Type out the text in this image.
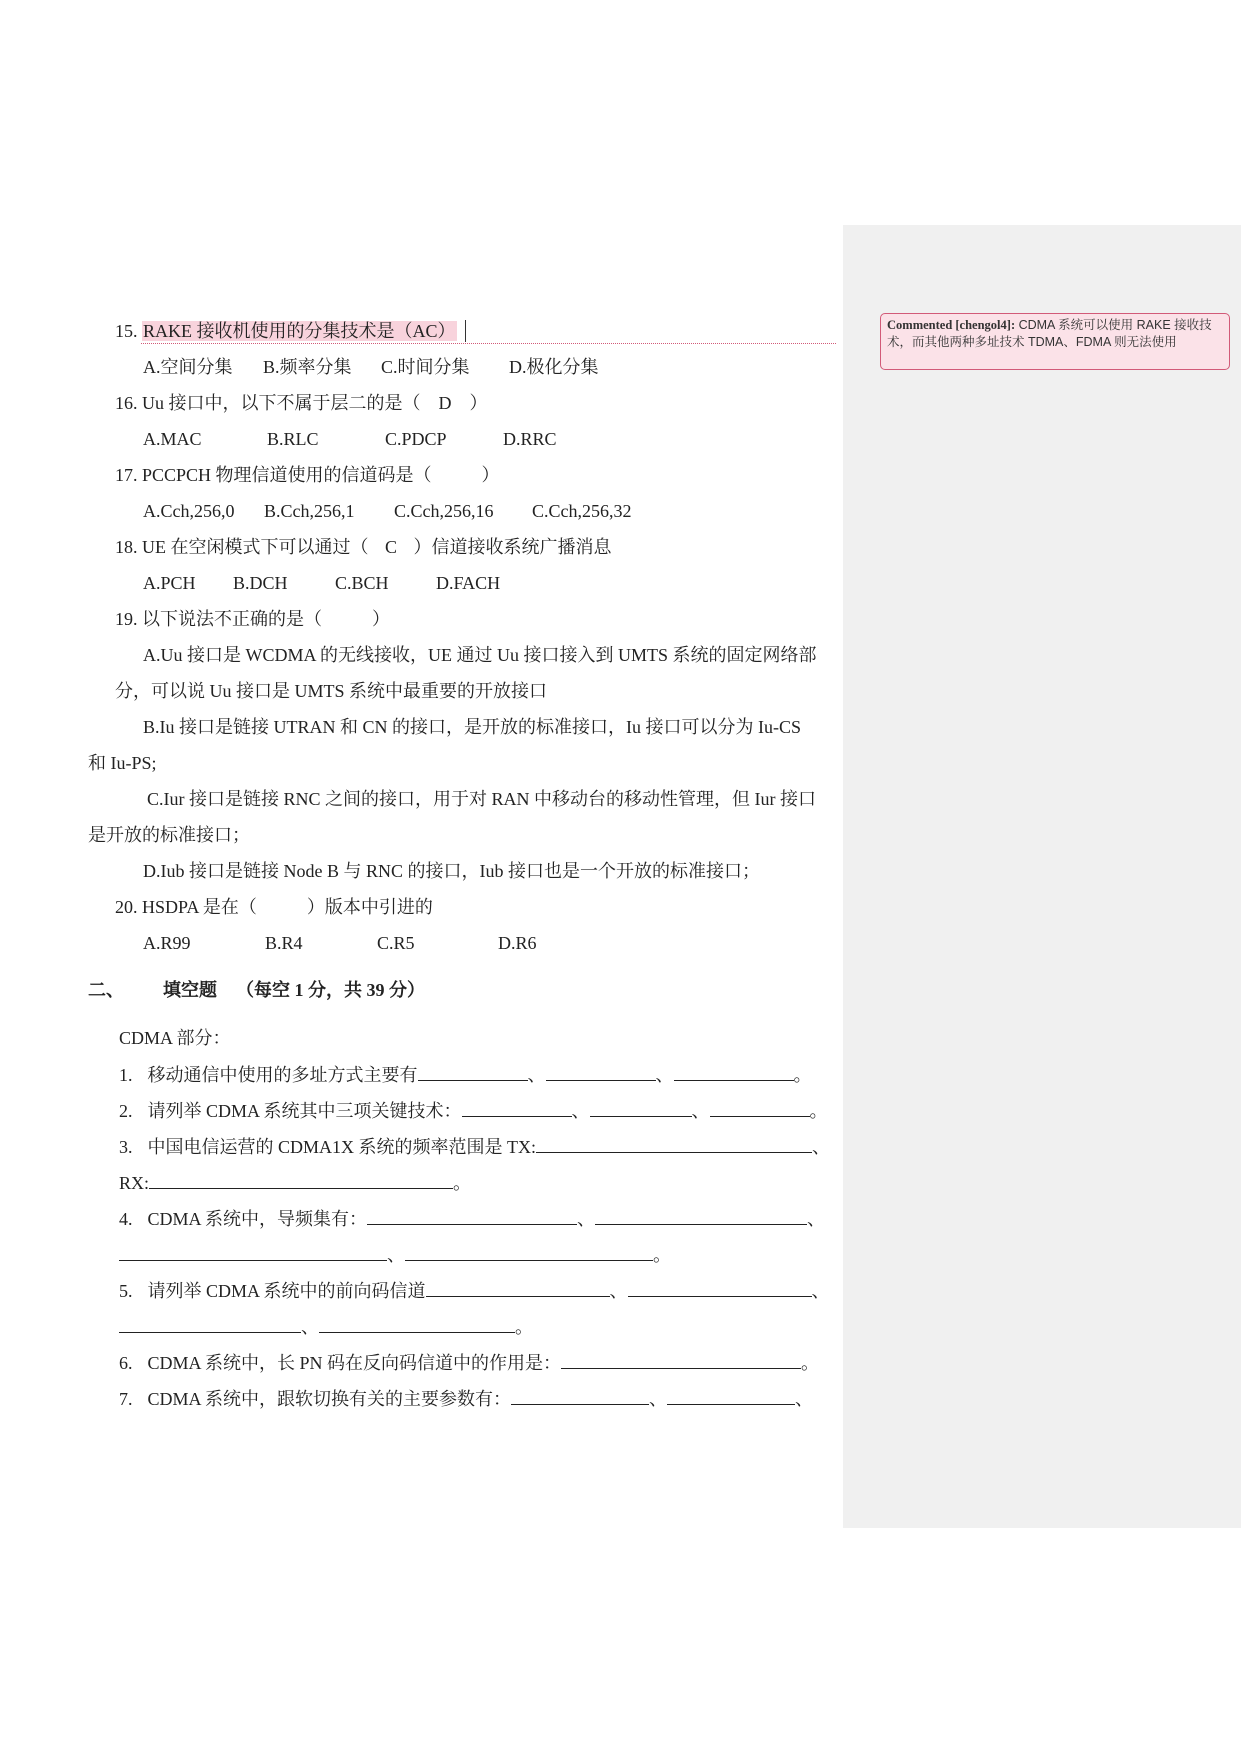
Commented [chengol4]: CDMA 系统可以使用 RAKE 接收技术，而其他两种多址技术 TDMA、FDMA 则无法使用
15. RAKE 接收机使用的分集技术是（AC）
A.空间分集 B.频率分集 C.时间分集 D.极化分集
16. Uu 接口中，以下不属于层二的是（ D ）
A.MAC	B.RLC	C.PDCP	D.RRC
17. PCCPCH 物理信道使用的信道码是（	）
A.Cch,256,0 B.Cch,256,1 C.Cch,256,16 C.Cch,256,32
18. UE 在空闲模式下可以通过（ C ）信道接收系统广播消息
A.PCH B.DCH	C.BCH	D.FACH
19. 以下说法不正确的是（	）
A.Uu 接口是 WCDMA 的无线接收，UE 通过 Uu 接口接入到 UMTS 系统的固定网络部
分，可以说 Uu 接口是 UMTS 系统中最重要的开放接口
B.Iu 接口是链接 UTRAN 和 CN 的接口，是开放的标准接口，Iu 接口可以分为 Iu-CS
和 Iu-PS;
C.Iur 接口是链接 RNC 之间的接口，用于对 RAN 中移动台的移动性管理，但 Iur 接口
是开放的标准接口；
D.Iub 接口是链接 Node B 与 RNC 的接口，Iub 接口也是一个开放的标准接口；
20. HSDPA 是在（	）版本中引进的
A.R99	B.R4	C.R5	D.R6
二、 填空题 （每空 1 分，共 39 分）
CDMA 部分：
1. 移动通信中使用的多址方式主要有	、	、	。
2. 请列举 CDMA 系统其中三项关键技术：	、	、	。
3. 中国电信运营的 CDMA1X 系统的频率范围是 TX:	、
RX:	。
4. CDMA 系统中，导频集有：	、	、
、	。
5. 请列举 CDMA 系统中的前向码信道	、	、
、	。
6. CDMA 系统中，长 PN 码在反向码信道中的作用是：	。
7. CDMA 系统中，跟软切换有关的主要参数有：	、	、
